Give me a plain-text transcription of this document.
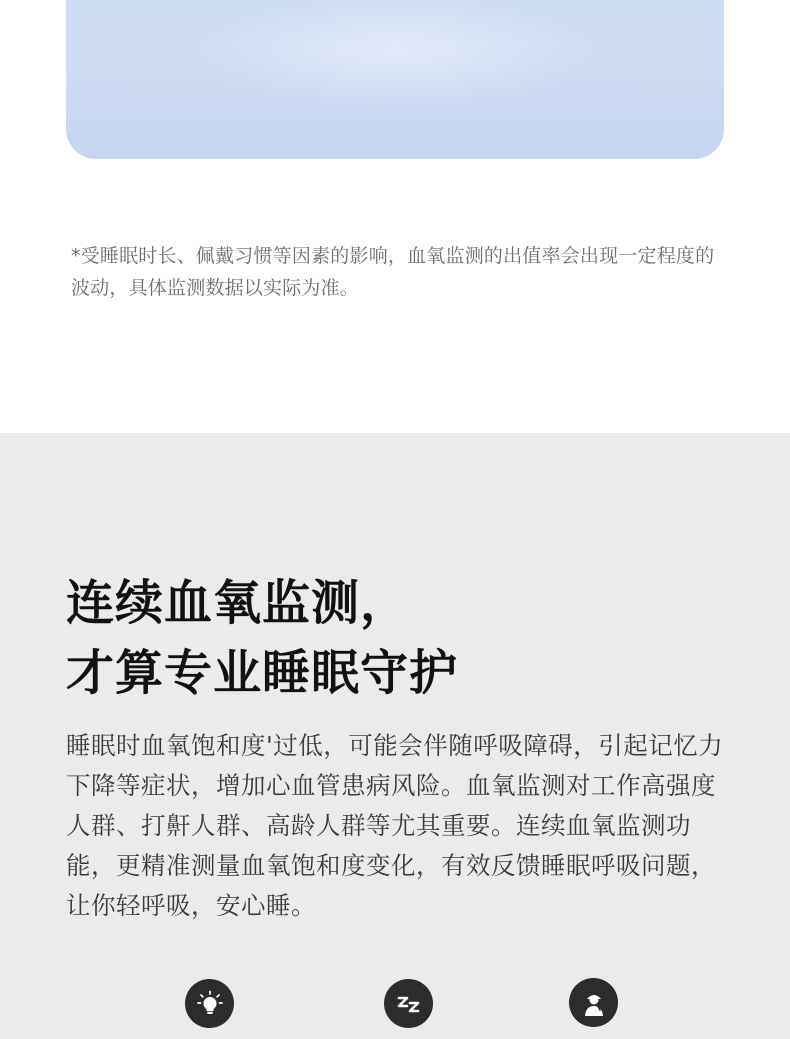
*受睡眠时长、佩戴习惯等因素的影响，血氧监测的出值率会出现一定程度的波动，具体监测数据以实际为准。

连续血氧监测，
才算专业睡眠守护

睡眠时血氧饱和度'过低，可能会伴随呼吸障碍，引起记忆力下降等症状，增加心血管患病风险。血氧监测对工作高强度人群、打鼾人群、高龄人群等尤其重要。连续血氧监测功能，更精准测量血氧饱和度变化，有效反馈睡眠呼吸问题，让你轻呼吸，安心睡。
